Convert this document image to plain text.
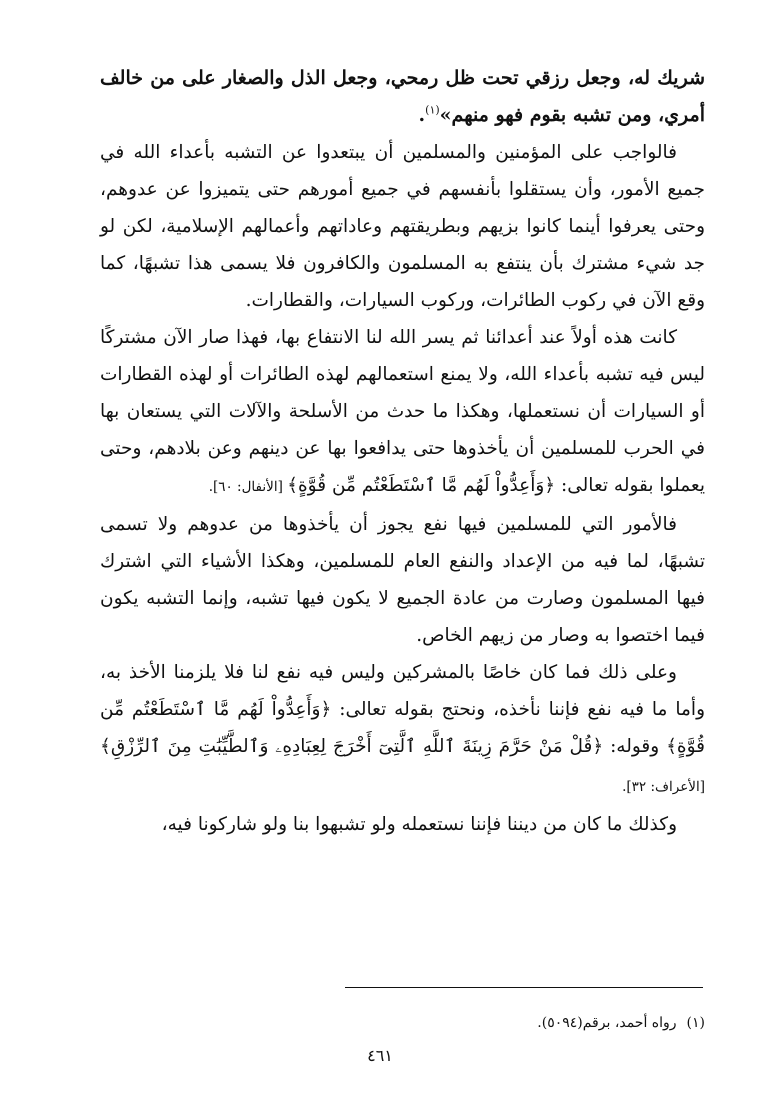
شريك له، وجعل رزقي تحت ظل رمحي، وجعل الذل والصغار على من خالف أمري، ومن تشبه بقوم فهو منهم»$^{(١)}$.

فالواجب على المؤمنين والمسلمين أن يبتعدوا عن التشبه بأعداء الله في جميع الأمور، وأن يستقلوا بأنفسهم في جميع أمورهم حتى يتميزوا عن عدوهم، وحتى يعرفوا أينما كانوا بزيهم وبطريقتهم وعاداتهم وأعمالهم الإسلامية، لكن لو جد شيء مشترك بأن ينتفع به المسلمون والكافرون فلا يسمى هذا تشبهًا، كما وقع الآن في ركوب الطائرات، وركوب السيارات، والقطارات.

كانت هذه أولاً عند أعدائنا ثم يسر الله لنا الانتفاع بها، فهذا صار الآن مشتركًا ليس فيه تشبه بأعداء الله، ولا يمنع استعمالهم لهذه الطائرات أو لهذه القطارات أو السيارات أن نستعملها، وهكذا ما حدث من الأسلحة والآلات التي يستعان بها في الحرب للمسلمين أن يأخذوها حتى يدافعوا بها عن دينهم وعن بلادهم، وحتى يعملوا بقوله تعالى: ﴿وَأَعِدُّواْ لَهُم مَّا ٱسْتَطَعْتُم مِّن قُوَّةٍ﴾ [الأنفال: ٦٠].

فالأمور التي للمسلمين فيها نفع يجوز أن يأخذوها من عدوهم ولا تسمى تشبهًا، لما فيه من الإعداد والنفع العام للمسلمين، وهكذا الأشياء التي اشترك فيها المسلمون وصارت من عادة الجميع لا يكون فيها تشبه، وإنما التشبه يكون فيما اختصوا به وصار من زيهم الخاص.

وعلى ذلك فما كان خاصًا بالمشركين وليس فيه نفع لنا فلا يلزمنا الأخذ به، وأما ما فيه نفع فإننا نأخذه، ونحتج بقوله تعالى: ﴿وَأَعِدُّواْ لَهُم مَّا ٱسْتَطَعْتُم مِّن قُوَّةٍ﴾ وقوله: ﴿قُلْ مَنْ حَرَّمَ زِينَةَ ٱللَّهِ ٱلَّتِىٓ أَخْرَجَ لِعِبَادِهِۦ وَٱلطَّيِّبَٰتِ مِنَ ٱلرِّزْقِ﴾ [الأعراف: ٣٢].

وكذلك ما كان من ديننا فإننا نستعمله ولو تشبهوا بنا ولو شاركونا فيه،

(١)رواه أحمد، برقم(٥٠٩٤).
٤٦١
